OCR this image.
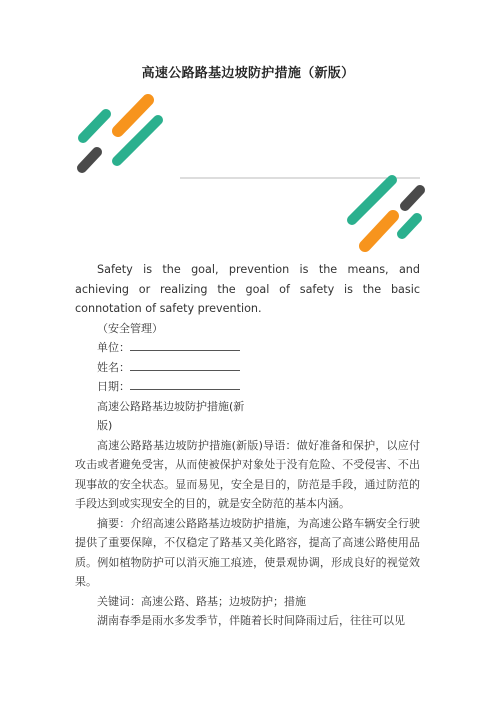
高速公路路基边坡防护措施（新版）

Safety is the goal, prevention is the means, and achieving or realizing the goal of safety is the basic connotation of safety prevention.

（安全管理）

单位：
姓名：
日期：
高速公路路基边坡防护措施(新
版)

高速公路路基边坡防护措施(新版)导语：做好准备和保护，以应付攻击或者避免受害，从而使被保护对象处于没有危险、不受侵害、不出现事故的安全状态。显而易见，安全是目的，防范是手段，通过防范的手段达到或实现安全的目的，就是安全防范的基本内涵。

摘要：介绍高速公路路基边坡防护措施，为高速公路车辆安全行驶提供了重要保障，不仅稳定了路基又美化路容，提高了高速公路使用品质。例如植物防护可以消灭施工痕迹，使景观协调，形成良好的视觉效果。

关键词：高速公路、路基；边坡防护；措施

湖南春季是雨水多发季节，伴随着长时间降雨过后，往往可以见
